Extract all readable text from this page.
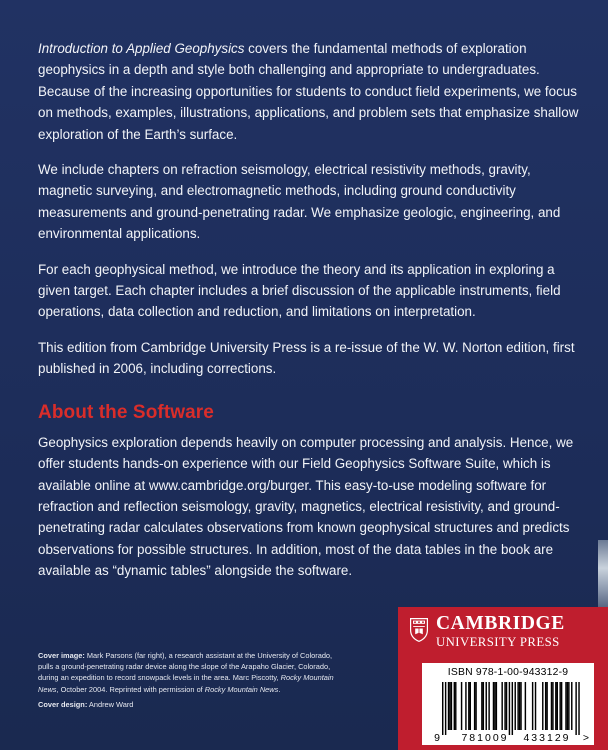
Introduction to Applied Geophysics covers the fundamental methods of exploration geophysics in a depth and style both challenging and appropriate to undergraduates. Because of the increasing opportunities for students to conduct field experiments, we focus on methods, examples, illustrations, applications, and problem sets that emphasize shallow exploration of the Earth’s surface.

We include chapters on refraction seismology, electrical resistivity methods, gravity, magnetic surveying, and electromagnetic methods, including ground conductivity measurements and ground-penetrating radar. We emphasize geologic, engineering, and environmental applications.

For each geophysical method, we introduce the theory and its application in exploring a given target. Each chapter includes a brief discussion of the applicable instruments, field operations, data collection and reduction, and limitations on interpretation.

This edition from Cambridge University Press is a re-issue of the W. W. Norton edition, first published in 2006, including corrections.

About the Software

Geophysics exploration depends heavily on computer processing and analysis. Hence, we offer students hands-on experience with our Field Geophysics Software Suite, which is available online at www.cambridge.org/burger. This easy-to-use modeling software for refraction and reflection seismology, gravity, magnetics, electrical resistivity, and ground-penetrating radar calculates observations from known geophysical structures and predicts observations for possible structures. In addition, most of the data tables in the book are available as “dynamic tables” alongside the software.

Cover image: Mark Parsons (far right), a research assistant at the University of Colorado, pulls a ground-penetrating radar device along the slope of the Arapaho Glacier, Colorado, during an expedition to record snowpack levels in the area. Marc Piscotty, Rocky Mountain News, October 2004. Reprinted with permission of Rocky Mountain News.

Cover design: Andrew Ward

CAMBRIDGE
UNIVERSITY PRESS
ISBN 978-1-00-943312-9
9 781009 433129 >
